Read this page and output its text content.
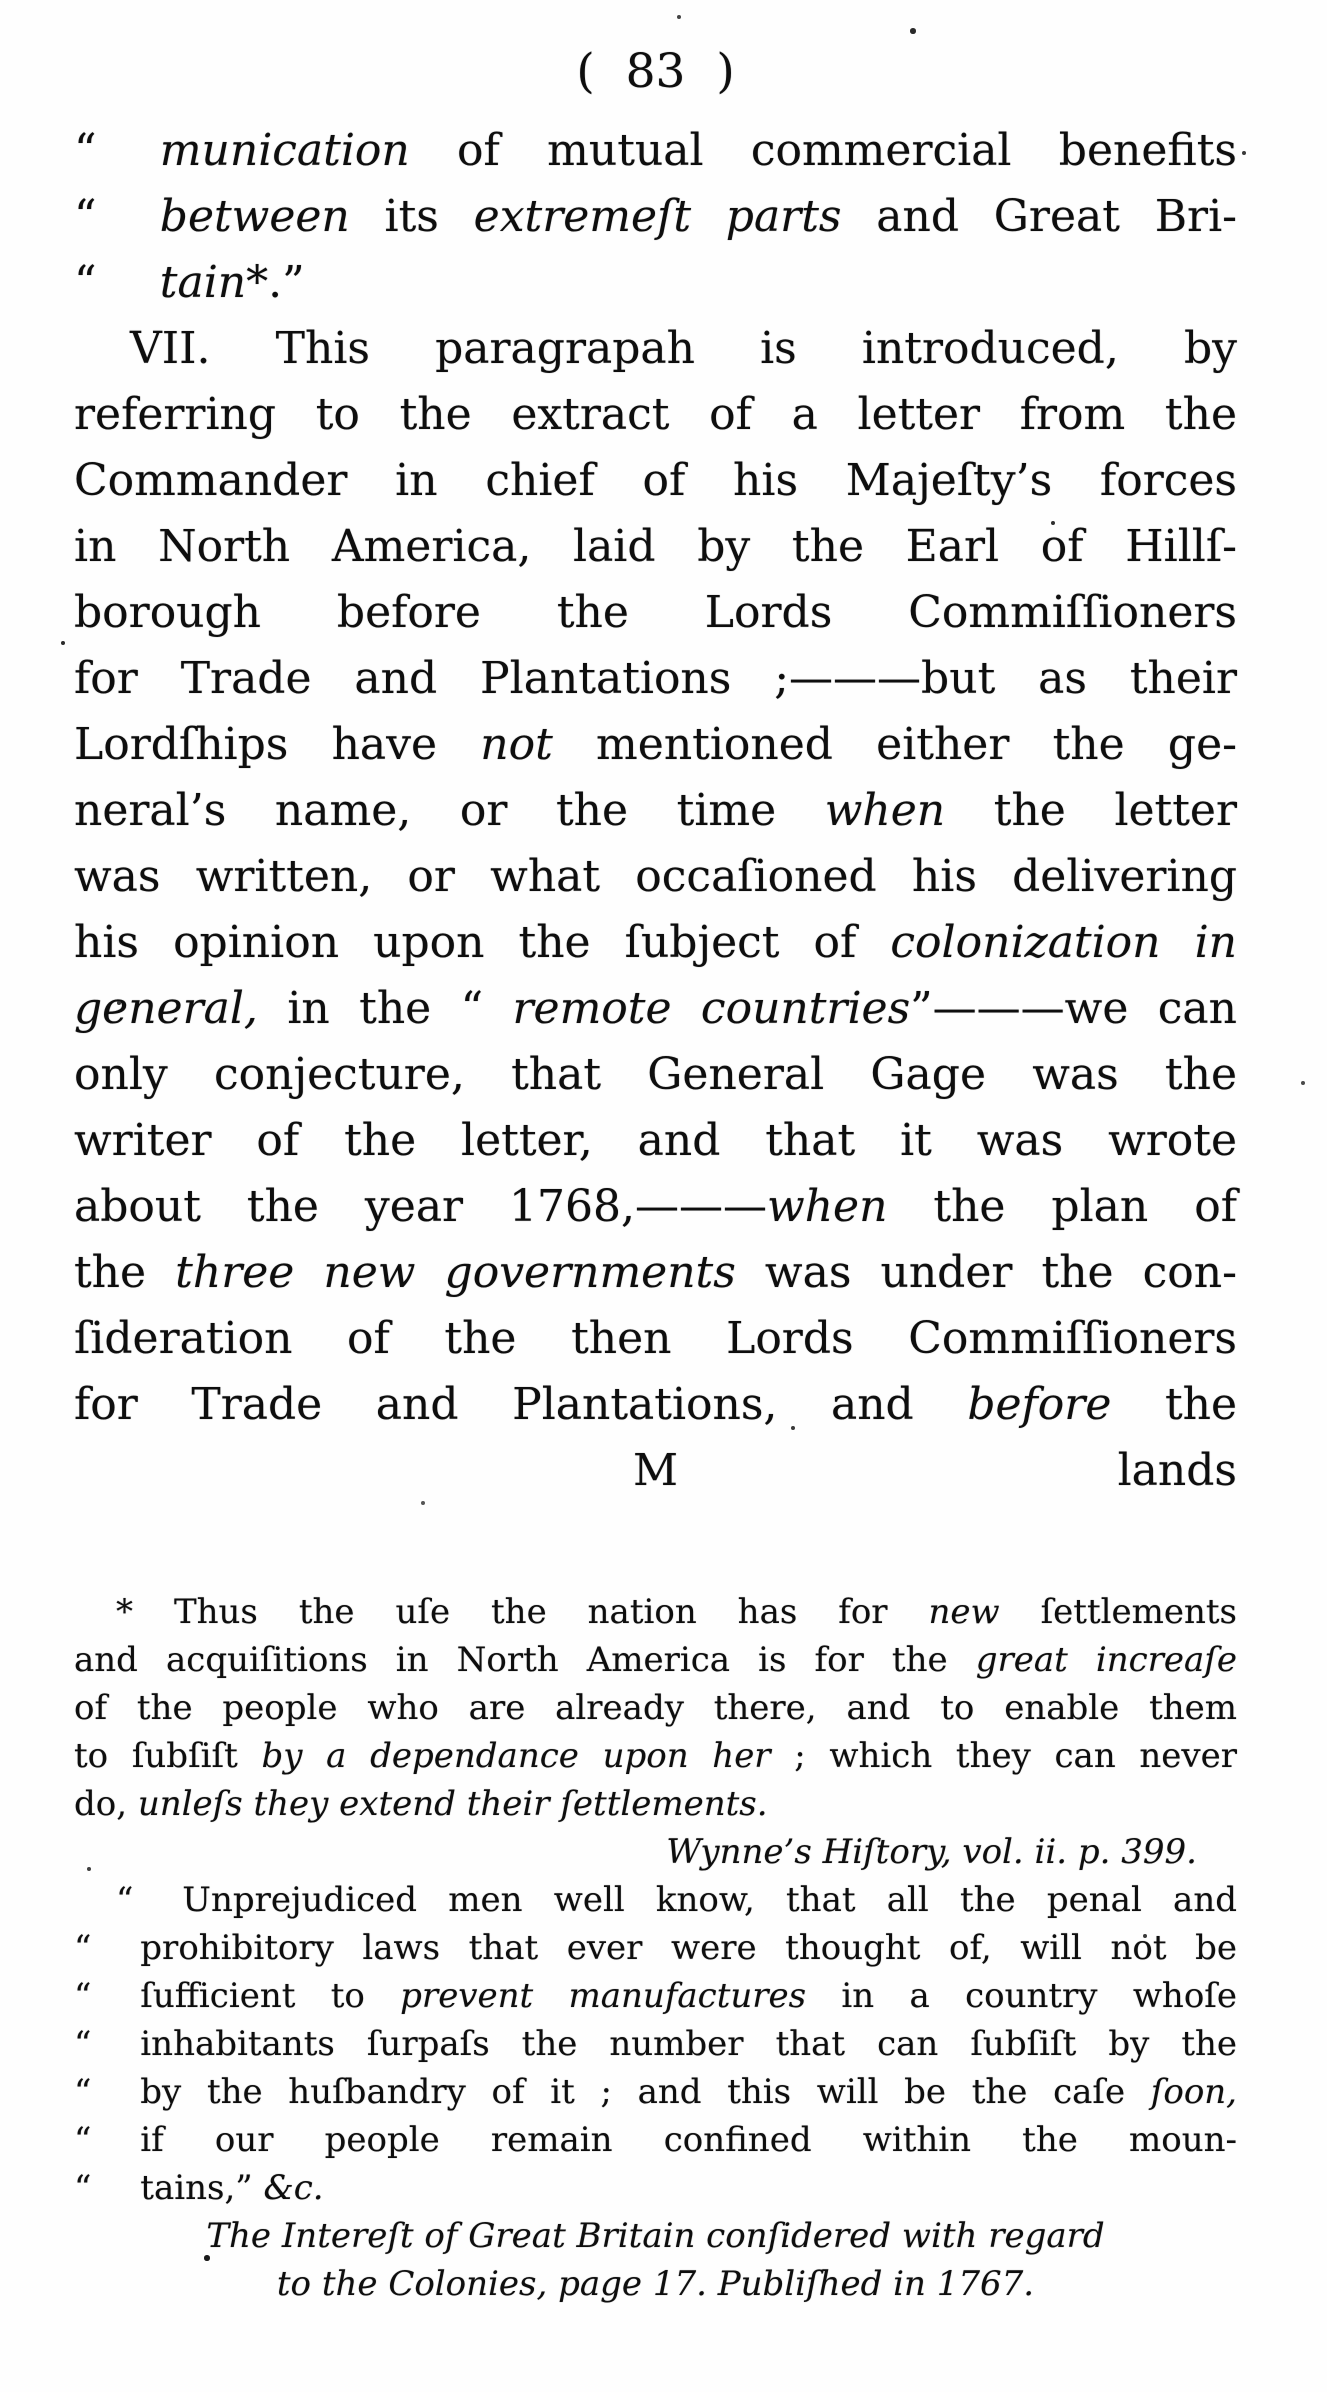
( 83 )
“ munication of mutual commercial benefits
“ between its extremeſt parts and Great Bri-
“ tain*.”
VII. This paragrapah is introduced, by
referring to the extract of a letter from the
Commander in chief of his Majeſty’s forces
in North America, laid by the Earl of Hillſ-
borough before the Lords Commiſſioners
for Trade and Plantations ;———but as their
Lordſhips have not mentioned either the ge-
neral’s name, or the time when the letter
was written, or what occaſioned his delivering
his opinion upon the ſubject of colonization in
general, in the “ remote countries”———we can
only conjecture, that General Gage was the
writer of the letter, and that it was wrote
about the year 1768,———when the plan of
the three new governments was under the con-
ſideration of the then Lords Commiſſioners
for Trade and Plantations, and before the
M	lands
* Thus the uſe the nation has for new ſettlements
and acquiſitions in North America is for the great increaſe
of the people who are already there, and to enable them
to ſubſiſt by a dependance upon her ; which they can never
do, unleſs they extend their ſettlements.
Wynne’s Hiſtory, vol. ii. p. 399.
“ Unprejudiced men well know, that all the penal and
“ prohibitory laws that ever were thought of, will not be
“ ſufficient to prevent manufactures in a country whoſe
“ inhabitants ſurpaſs the number that can ſubſiſt by the
“ by the huſbandry of it ; and this will be the caſe ſoon,
“ if our people remain confined within the moun-
“ tains,” &c.
The Intereſt of Great Britain conſidered with regard
to the Colonies, page 17. Publiſhed in 1767.
